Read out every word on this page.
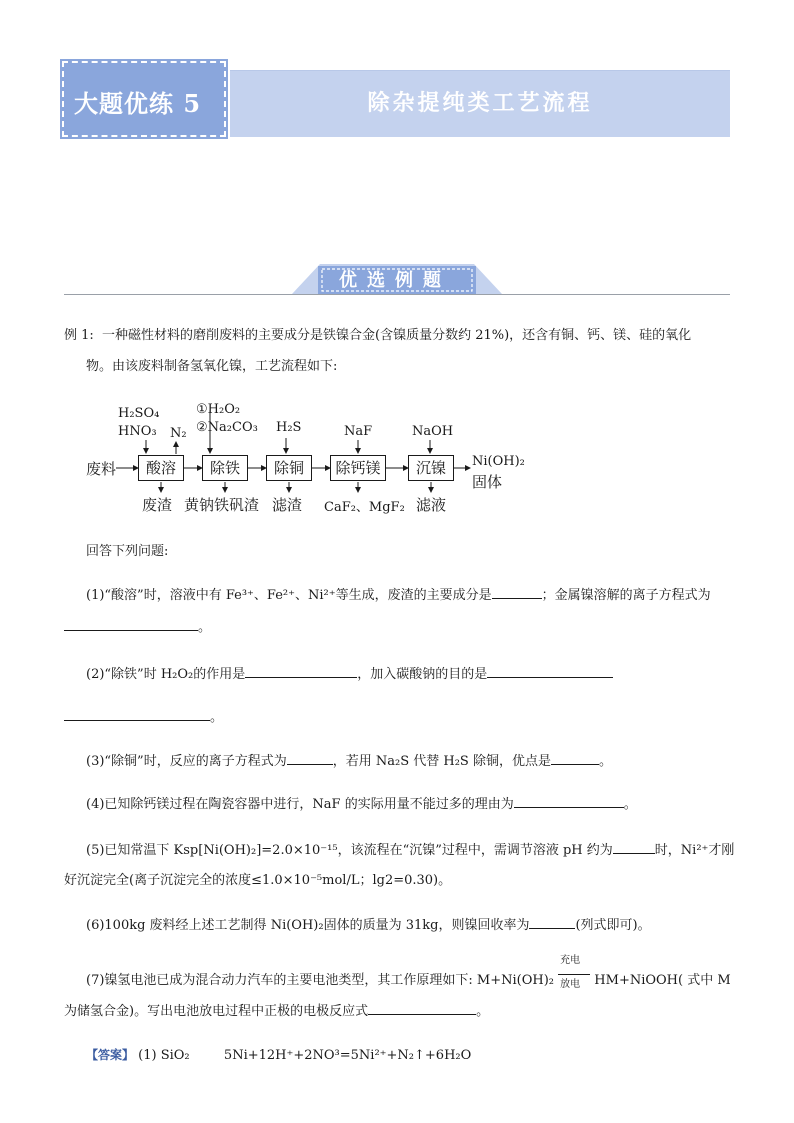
除杂提纯类工艺流程
大题优练 5
优选例题
例 1: 一种磁性材料的磨削废料的主要成分是铁镍合金(含镍质量分数约 21%)，还含有铜、钙、镁、硅的氧化
物。由该废料制备氢氧化镍，工艺流程如下:
废料	酸溶	除铁	除铜	除钙镁	沉镍
H₂SO₄
HNO₃ N₂
①H₂O₂
②Na₂CO₃ H₂S	NaF	NaOH
Ni(OH)₂
固体
废渣 黄钠铁矾渣 滤渣 CaF₂、MgF₂ 滤液
回答下列问题:
(1)“酸溶”时，溶液中有 Fe³⁺、Fe²⁺、Ni²⁺等生成，废渣的主要成分是	；金属镍溶解的离子方程式为
。
(2)“除铁”时 H₂O₂的作用是	，加入碳酸钠的目的是
。
(3)“除铜”时，反应的离子方程式为	，若用 Na₂S 代替 H₂S 除铜，优点是	。
(4)已知除钙镁过程在陶瓷容器中进行，NaF 的实际用量不能过多的理由为	。
(5)已知常温下 Ksp[Ni(OH)₂]=2.0×10⁻¹⁵，该流程在“沉镍”过程中，需调节溶液 pH 约为	时，Ni²⁺才刚
好沉淀完全(离子沉淀完全的浓度≤1.0×10⁻⁵mol/L；lg2=0.30)。
(6)100kg 废料经上述工艺制得 Ni(OH)₂固体的质量为 31kg，则镍回收率为	(列式即可)。
(7)镍氢电池已成为混合动力汽车的主要电池类型，其工作原理如下: M+Ni(OH)₂
充电
放电 HM+NiOOH( 式中 M
为储氢合金)。写出电池放电过程中正极的电极反应式	。
【答案】 (1) SiO₂	5Ni+12H⁺+2NO³=5Ni²⁺+N₂↑+6H₂O
